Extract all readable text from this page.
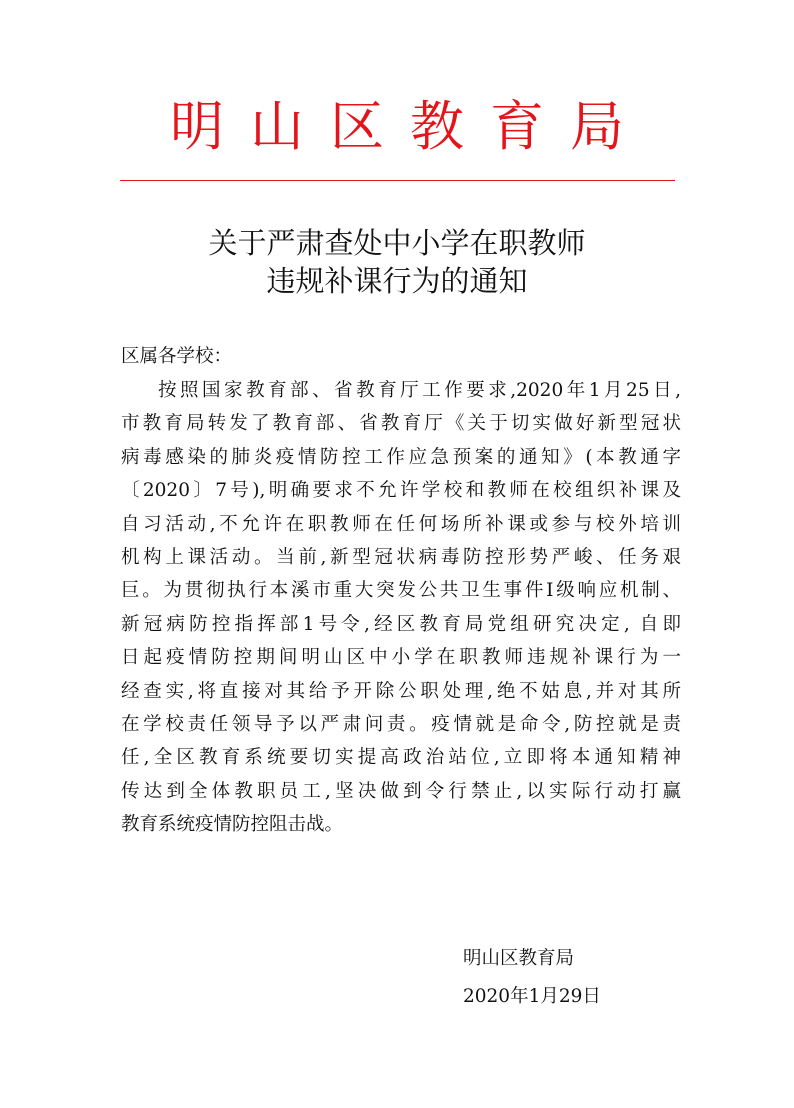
明山区教育局
关于严肃查处中小学在职教师
违规补课行为的通知
区属各学校：
按照国家教育部、省教育厅工作要求,2020年1月25日,
市教育局转发了教育部、省教育厅《关于切实做好新型冠状
病毒感染的肺炎疫情防控工作应急预案的通知》(本教通字
〔2020〕7号),明确要求不允许学校和教师在校组织补课及
自习活动,不允许在职教师在任何场所补课或参与校外培训
机构上课活动。当前,新型冠状病毒防控形势严峻、任务艰
巨。为贯彻执行本溪市重大突发公共卫生事件I级响应机制、
新冠病防控指挥部1号令,经区教育局党组研究决定, 自即
日起疫情防控期间明山区中小学在职教师违规补课行为一
经查实,将直接对其给予开除公职处理,绝不姑息,并对其所
在学校责任领导予以严肃问责。疫情就是命令,防控就是责
任,全区教育系统要切实提高政治站位,立即将本通知精神
传达到全体教职员工,坚决做到令行禁止,以实际行动打赢
教育系统疫情防控阻击战。
明山区教育局
2020年1月29日
